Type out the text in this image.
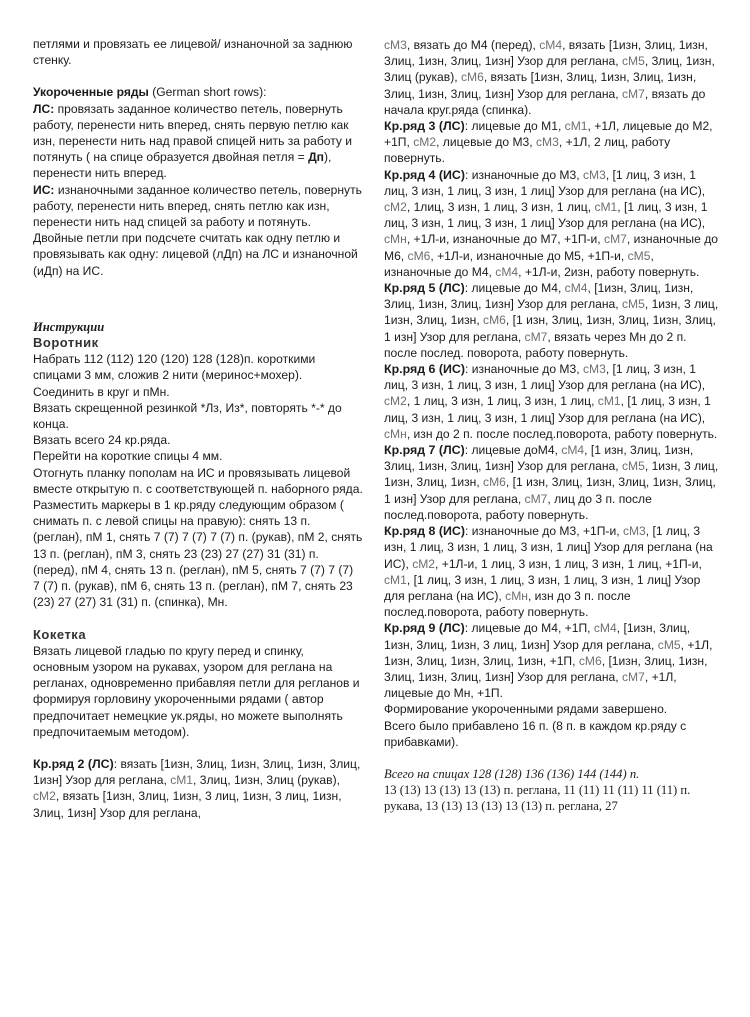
петлями и провязать ее лицевой/ изнаночной за заднюю стенку.

Укороченные ряды (German short rows):

ЛС: провязать заданное количество петель, повернуть работу, перенести нить вперед, снять первую петлю как изн, перенести нить над правой спицей нить за работу и потянуть ( на спице образуется двойная петля = Дп), перенести нить вперед.

ИС: изнаночными заданное количество петель, повернуть работу, перенести нить вперед, снять петлю как изн, перенести нить над спицей за работу и потянуть.

Двойные петли при подсчете считать как одну петлю и провязывать как одну: лицевой (лДп) на ЛС и изнаночной (иДп) на ИС.

Инструкции

Воротник

Набрать 112 (112) 120 (120) 128 (128)п. короткими спицами 3 мм, сложив 2 нити (меринос+мохер). Соединить в круг и пМн.

Вязать скрещенной резинкой *Лз, Из*, повторять *-* до конца.

Вязать всего 24 кр.ряда.

Перейти на короткие спицы 4 мм.

Отогнуть планку пополам на ИС и провязывать лицевой вместе открытую п. с соответствующей п. наборного ряда.

Разместить маркеры в 1 кр.ряду следующим образом ( снимать п. с левой спицы на правую): снять 13 п. (реглан), пМ 1, снять 7 (7) 7 (7) 7 (7) п. (рукав), пМ 2, снять 13 п. (реглан), пМ 3, снять 23 (23) 27 (27) 31 (31) п. (перед), пМ 4, снять 13 п. (реглан), пМ 5, снять 7 (7) 7 (7) 7 (7) п. (рукав), пМ 6, снять 13 п. (реглан), пМ 7, снять 23 (23) 27 (27) 31 (31) п. (спинка), Мн.

Кокетка

Вязать лицевой гладью по кругу перед и спинку, основным узором на рукавах, узором для реглана на регланах, одновременно прибавляя петли для регланов и формируя горловину укороченными рядами ( автор предпочитает немецкие ук.ряды, но можете выполнять предпочитаемым методом).

Кр.ряд 2 (ЛС): вязать [1изн, 3лиц, 1изн, 3лиц, 1изн, 3лиц, 1изн] Узор для реглана, сМ1, 3лиц, 1изн, 3лиц (рукав), сМ2, вязать [1изн, 3лиц, 1изн, 3 лиц, 1изн, 3 лиц, 1изн, 3лиц, 1изн] Узор для реглана,

сМ3, вязать до М4 (перед), сМ4, вязать [1изн, 3лиц, 1изн, 3лиц, 1изн, 3лиц, 1изн] Узор для реглана, сМ5, 3лиц, 1изн, 3лиц (рукав), сМ6, вязать [1изн, 3лиц, 1изн, 3лиц, 1изн, 3лиц, 1изн, 3лиц, 1изн] Узор для реглана, сМ7, вязать до начала круг.ряда (спинка).

Кр.ряд 3 (ЛС): лицевые до М1, сМ1, +1Л, лицевые до М2, +1П, сМ2, лицевые до М3, сМ3, +1Л, 2 лиц, работу повернуть.

Кр.ряд 4 (ИС): изнаночные до М3, сМ3, [1 лиц, 3 изн, 1 лиц, 3 изн, 1 лиц, 3 изн, 1 лиц] Узор для реглана (на ИС), сМ2, 1лиц, 3 изн, 1 лиц, 3 изн, 1 лиц, сМ1, [1 лиц, 3 изн, 1 лиц, 3 изн, 1 лиц, 3 изн, 1 лиц] Узор для реглана (на ИС), сМн, +1Л-и, изнаночные до М7, +1П-и, сМ7, изнаночные до М6, сМ6, +1Л-и, изнаночные до М5, +1П-и, сМ5, изнаночные до М4, сМ4, +1Л-и, 2изн, работу повернуть.

Кр.ряд 5 (ЛС): лицевые до М4, сМ4, [1изн, 3лиц, 1изн, 3лиц, 1изн, 3лиц, 1изн] Узор для реглана, сМ5, 1изн, 3 лиц, 1изн, 3лиц, 1изн, сМ6, [1 изн, 3лиц, 1изн, 3лиц, 1изн, 3лиц, 1 изн] Узор для реглана, сМ7, вязать через Мн до 2 п. после послед. поворота, работу повернуть.

Кр.ряд 6 (ИС): изнаночные до М3, сМ3, [1 лиц, 3 изн, 1 лиц, 3 изн, 1 лиц, 3 изн, 1 лиц] Узор для реглана (на ИС), сМ2, 1 лиц, 3 изн, 1 лиц, 3 изн, 1 лиц, сМ1, [1 лиц, 3 изн, 1 лиц, 3 изн, 1 лиц, 3 изн, 1 лиц] Узор для реглана (на ИС), сМн, изн до 2 п. после послед.поворота, работу повернуть.

Кр.ряд 7 (ЛС): лицевые доМ4, сМ4, [1 изн, 3лиц, 1изн, 3лиц, 1изн, 3лиц, 1изн] Узор для реглана, сМ5, 1изн, 3 лиц, 1изн, 3лиц, 1изн, сМ6, [1 изн, 3лиц, 1изн, 3лиц, 1изн, 3лиц, 1 изн] Узор для реглана, сМ7, лиц до 3 п. после послед.поворота, работу повернуть.

Кр.ряд 8 (ИС): изнаночные до М3, +1П-и, сМ3, [1 лиц, 3 изн, 1 лиц, 3 изн, 1 лиц, 3 изн, 1 лиц] Узор для реглана (на ИС), сМ2, +1Л-и, 1 лиц, 3 изн, 1 лиц, 3 изн, 1 лиц, +1П-и, сМ1, [1 лиц, 3 изн, 1 лиц, 3 изн, 1 лиц, 3 изн, 1 лиц] Узор для реглана (на ИС), сМн, изн до 3 п. после послед.поворота, работу повернуть.

Кр.ряд 9 (ЛС): лицевые до М4, +1П, сМ4, [1изн, 3лиц, 1изн, 3лиц, 1изн, 3 лиц, 1изн] Узор для реглана, сМ5, +1Л, 1изн, 3лиц, 1изн, 3лиц, 1изн, +1П, сМ6, [1изн, 3лиц, 1изн, 3лиц, 1изн, 3лиц, 1изн] Узор для реглана, сМ7, +1Л, лицевые до Мн, +1П.

Формирование укороченными рядами завершено.

Всего было прибавлено 16 п. (8 п. в каждом кр.ряду с прибавками).

Всего на спицах 128 (128) 136 (136) 144 (144) п.

13 (13) 13 (13) 13 (13) п. реглана, 11 (11) 11 (11) 11 (11) п. рукава, 13 (13) 13 (13) 13 (13) п. реглана, 27
